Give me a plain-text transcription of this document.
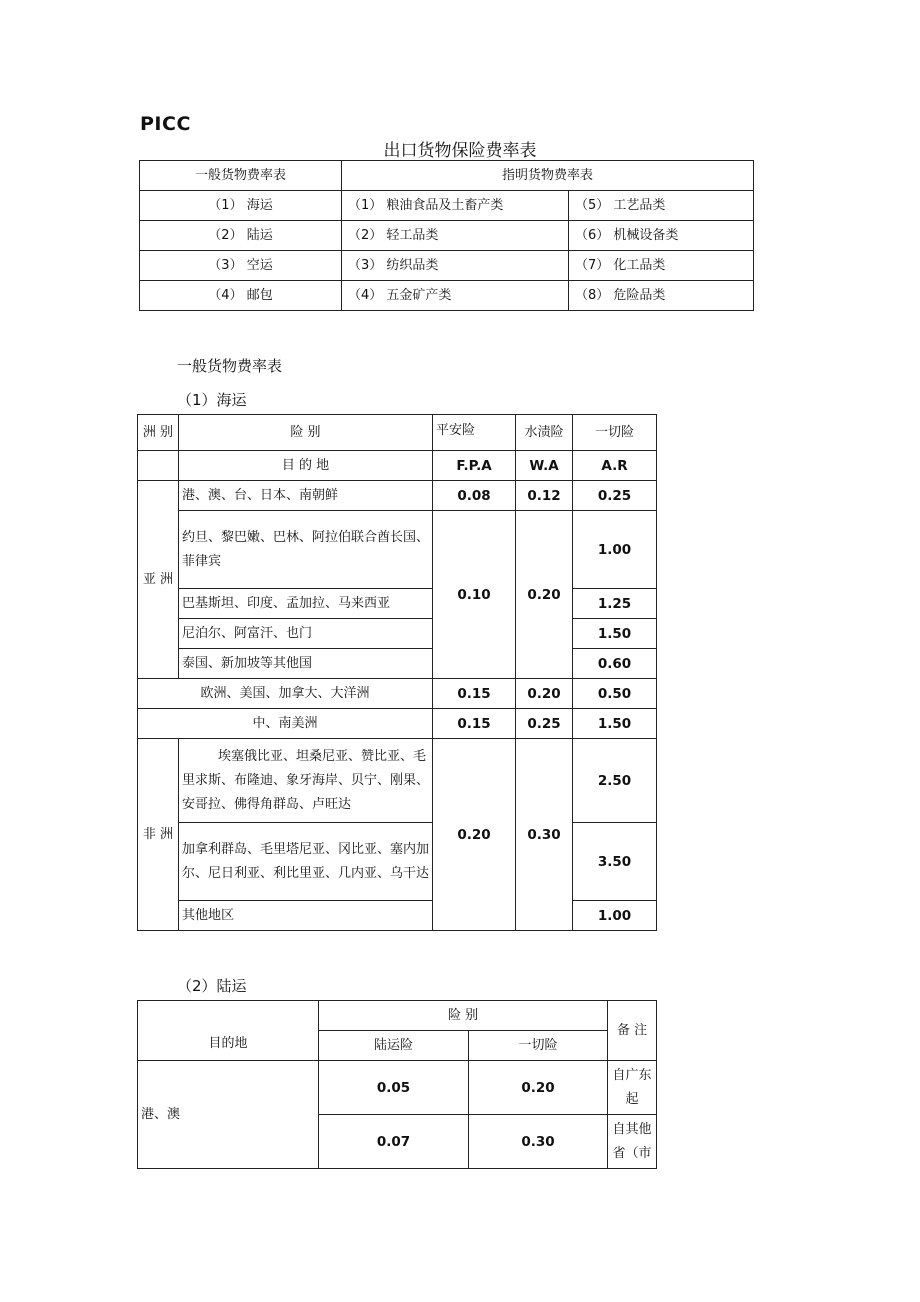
PICC
出口货物保险费率表
一般货物费率表	指明货物费率表	
（1） 海运	（1） 粮油食品及土畜产类	（5） 工艺品类
（2） 陆运	（2） 轻工品类	（6） 机械设备类
（3） 空运	（3） 纺织品类	（7） 化工品类
（4） 邮包	（4） 五金矿产类	（8） 危险品类
一般货物费率表
（1）海运
洲 别	险 别	平安险	水渍险	一切险
	目 的 地	F.P.A	W.A	A.R
亚 洲	港、澳、台、日本、南朝鲜	0.08	0.12	0.25
	约旦、黎巴嫩、巴林、阿拉伯联合酋长国、菲律宾	0.10	0.20	1.00
	巴基斯坦、印度、孟加拉、马来西亚			1.25
	尼泊尔、阿富汗、也门			1.50
	泰国、新加坡等其他国			0.60
欧洲、美国、加拿大、大洋洲		0.15	0.20	0.50
中、南美洲		0.15	0.25	1.50
非 洲	埃塞俄比亚、坦桑尼亚、赞比亚、毛里求斯、布隆迪、象牙海岸、贝宁、刚果、安哥拉、佛得角群岛、卢旺达	0.20	0.30	2.50
	加拿利群岛、毛里塔尼亚、冈比亚、塞内加尔、尼日利亚、利比里亚、几内亚、乌干达			3.50
	其他地区			1.00
（2）陆运
目的地	险 别		备 注
	陆运险	一切险	
港、澳	0.05	0.20	自广东起
	0.07	0.30	自其他省（市
